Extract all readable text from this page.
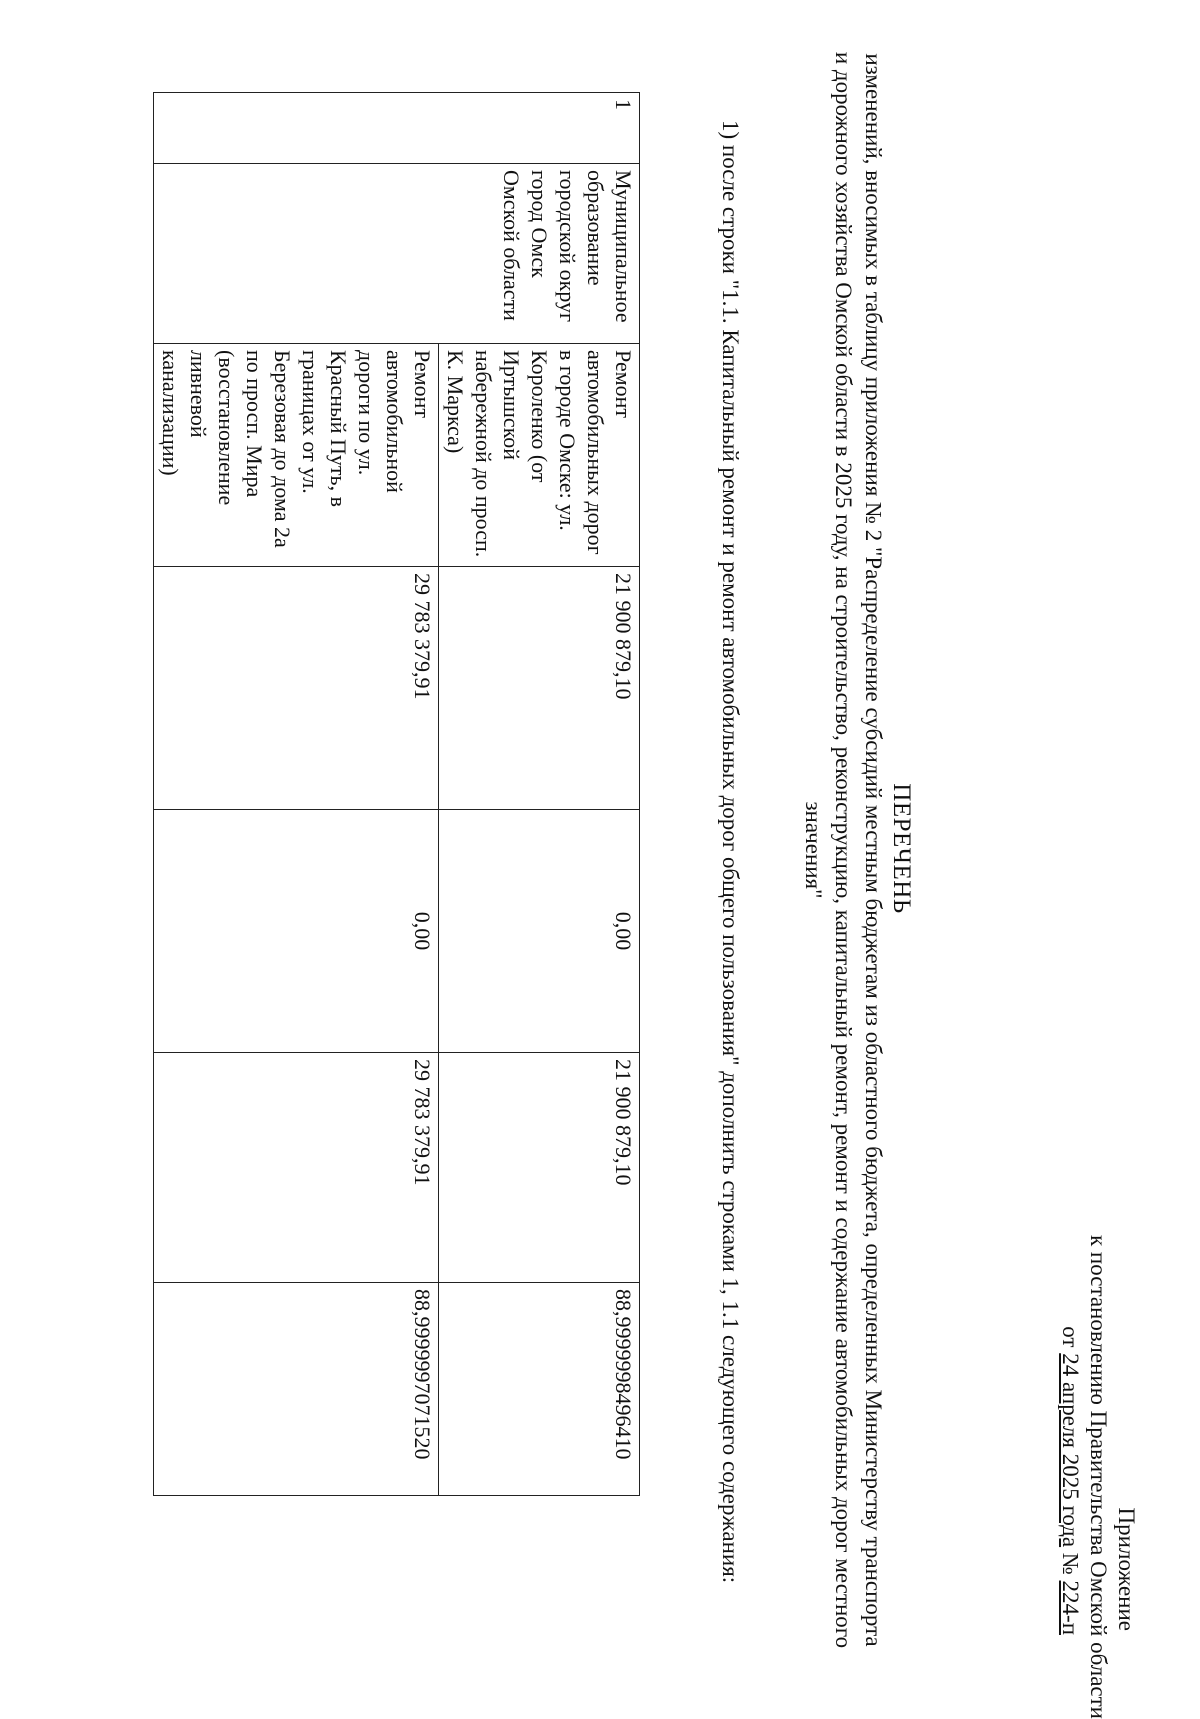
Приложение
к постановлению Правительства Омской области
от 24 апреля 2025 года № 224-п
ПЕРЕЧЕНЬ
изменений, вносимых в таблицу приложения № 2 "Распределение субсидий местным бюджетам из областного бюджета, определенных Министерству транспорта и дорожного хозяйства Омской области в 2025 году, на строительство, реконструкцию, капитальный ремонт, ремонт и содержание автомобильных дорог местного значения"
1) после строки "1.1. Капитальный ремонт и ремонт автомобильных дорог общего пользования" дополнить строками 1, 1.1 следующего содержания:
1	Муниципальное образование городской округ город Омск Омской области	Ремонт автомобильных дорог в городе Омске: ул. Короленко (от Иртышской набережной до просп. К. Маркса)	21 900 879,10	0,00	21 900 879,10	88,9999998496410
		Ремонт автомобильной дороги по ул. Красный Путь, в границах от ул. Березовая до дома 2а по просп. Мира (восстановление ливневой канализации)	29 783 379,91	0,00	29 783 379,91	88,9999997071520
